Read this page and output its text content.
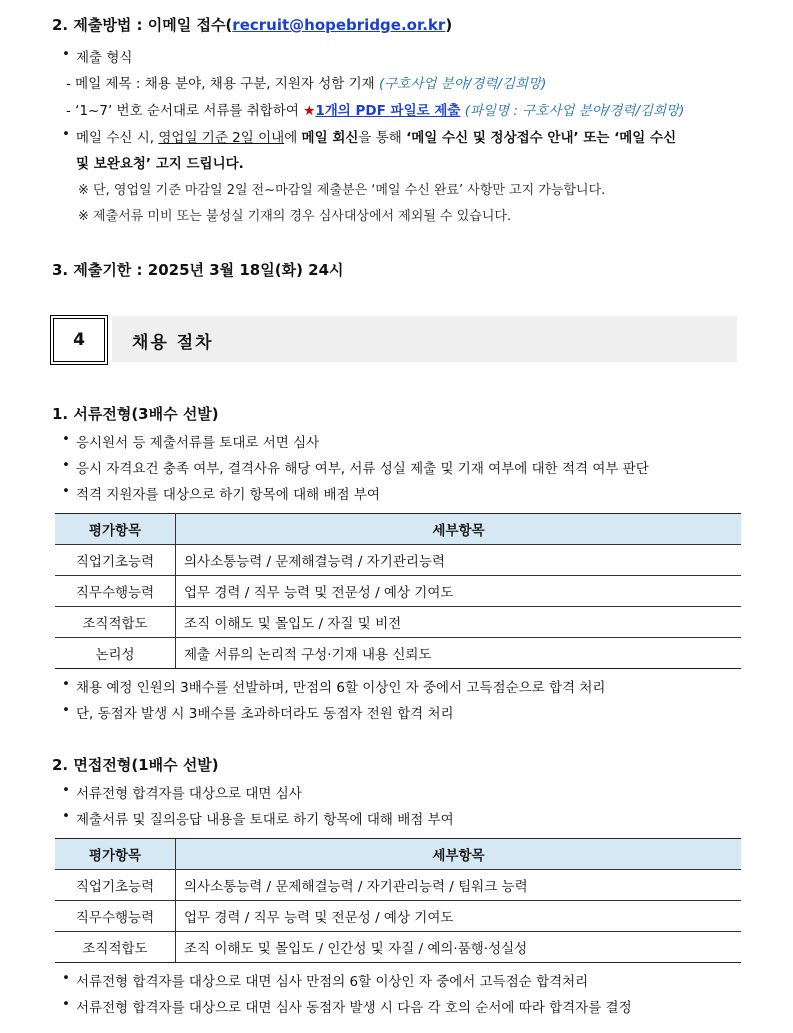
2. 제출방법 : 이메일 접수(recruit@hopebridge.or.kr)
• 제출 형식
- 메일 제목 : 채용 분야, 채용 구분, 지원자 성함 기재 (구호사업 분야/경력/김희망)
- ‘1~7’ 번호 순서대로 서류를 취합하여 ★1개의 PDF 파일로 제출 (파일명 : 구호사업 분야/경력/김희망)
• 메일 수신 시, 영업일 기준 2일 이내에 메일 회신을 통해 ‘메일 수신 및 정상접수 안내’ 또는 ‘메일 수신
및 보완요청’ 고지 드립니다.
※ 단, 영업일 기준 마감일 2일 전~마감일 제출분은 ‘메일 수신 완료’ 사항만 고지 가능합니다.
※ 제출서류 미비 또는 불성실 기재의 경우 심사대상에서 제외될 수 있습니다.
3. 제출기한 : 2025년 3월 18일(화) 24시
4	채용 절차
1. 서류전형(3배수 선발)
• 응시원서 등 제출서류를 토대로 서면 심사
• 응시 자격요건 충족 여부, 결격사유 해당 여부, 서류 성실 제출 및 기재 여부에 대한 적격 여부 판단
• 적격 지원자를 대상으로 하기 항목에 대해 배점 부여
평가항목	세부항목
직업기초능력	의사소통능력 / 문제해결능력 / 자기관리능력
직무수행능력	업무 경력 / 직무 능력 및 전문성 / 예상 기여도
조직적합도	조직 이해도 및 몰입도 / 자질 및 비전
논리성	제출 서류의 논리적 구성·기재 내용 신뢰도
• 채용 예정 인원의 3배수를 선발하며, 만점의 6할 이상인 자 중에서 고득점순으로 합격 처리
• 단, 동점자 발생 시 3배수를 초과하더라도 동점자 전원 합격 처리
2. 면접전형(1배수 선발)
• 서류전형 합격자를 대상으로 대면 심사
• 제출서류 및 질의응답 내용을 토대로 하기 항목에 대해 배점 부여
평가항목	세부항목
직업기초능력	의사소통능력 / 문제해결능력 / 자기관리능력 / 팀워크 능력
직무수행능력	업무 경력 / 직무 능력 및 전문성 / 예상 기여도
조직적합도	조직 이해도 및 몰입도 / 인간성 및 자질 / 예의·품행·성실성
• 서류전형 합격자를 대상으로 대면 심사 만점의 6할 이상인 자 중에서 고득점순 합격처리
• 서류전형 합격자를 대상으로 대면 심사 동점자 발생 시 다음 각 호의 순서에 따라 합격자를 결정
